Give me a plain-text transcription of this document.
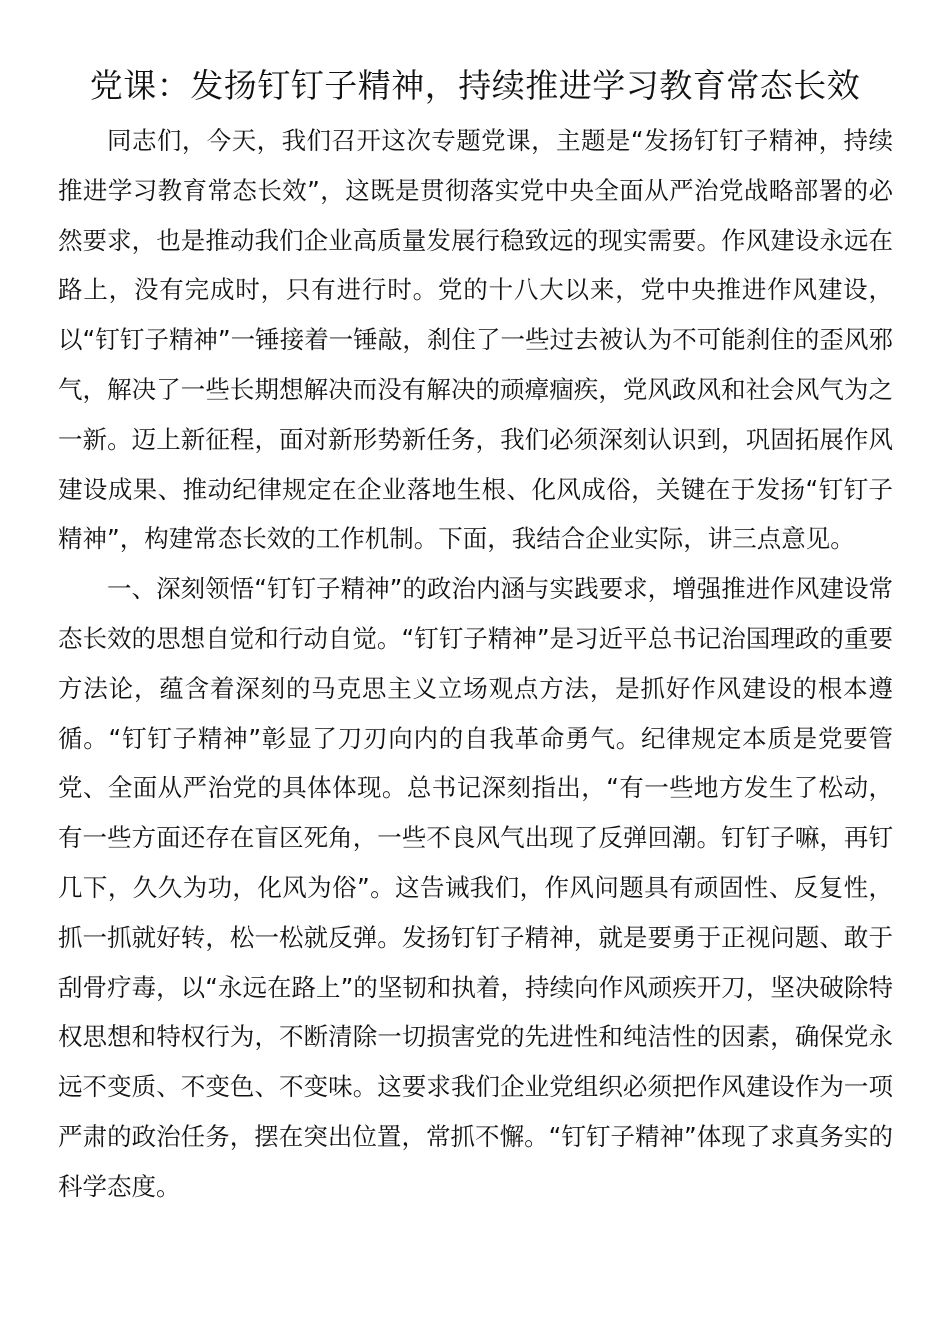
党课：发扬钉钉子精神，持续推进学习教育常态长效

同志们，今天，我们召开这次专题党课，主题是“发扬钉钉子精神，持续推进学习教育常态长效”，这既是贯彻落实党中央全面从严治党战略部署的必然要求，也是推动我们企业高质量发展行稳致远的现实需要。作风建设永远在路上，没有完成时，只有进行时。党的十八大以来，党中央推进作风建设，以“钉钉子精神”一锤接着一锤敲，刹住了一些过去被认为不可能刹住的歪风邪气，解决了一些长期想解决而没有解决的顽瘴痼疾，党风政风和社会风气为之一新。迈上新征程，面对新形势新任务，我们必须深刻认识到，巩固拓展作风建设成果、推动纪律规定在企业落地生根、化风成俗，关键在于发扬“钉钉子精神”，构建常态长效的工作机制。下面，我结合企业实际，讲三点意见。

一、深刻领悟“钉钉子精神”的政治内涵与实践要求，增强推进作风建设常态长效的思想自觉和行动自觉。“钉钉子精神”是习近平总书记治国理政的重要方法论，蕴含着深刻的马克思主义立场观点方法，是抓好作风建设的根本遵循。“钉钉子精神”彰显了刀刃向内的自我革命勇气。纪律规定本质是党要管党、全面从严治党的具体体现。总书记深刻指出，“有一些地方发生了松动，有一些方面还存在盲区死角，一些不良风气出现了反弹回潮。钉钉子嘛，再钉几下，久久为功，化风为俗”。这告诫我们，作风问题具有顽固性、反复性，抓一抓就好转，松一松就反弹。发扬钉钉子精神，就是要勇于正视问题、敢于刮骨疗毒，以“永远在路上”的坚韧和执着，持续向作风顽疾开刀，坚决破除特权思想和特权行为，不断清除一切损害党的先进性和纯洁性的因素，确保党永远不变质、不变色、不变味。这要求我们企业党组织必须把作风建设作为一项严肃的政治任务，摆在突出位置，常抓不懈。“钉钉子精神”体现了求真务实的科学态度。
